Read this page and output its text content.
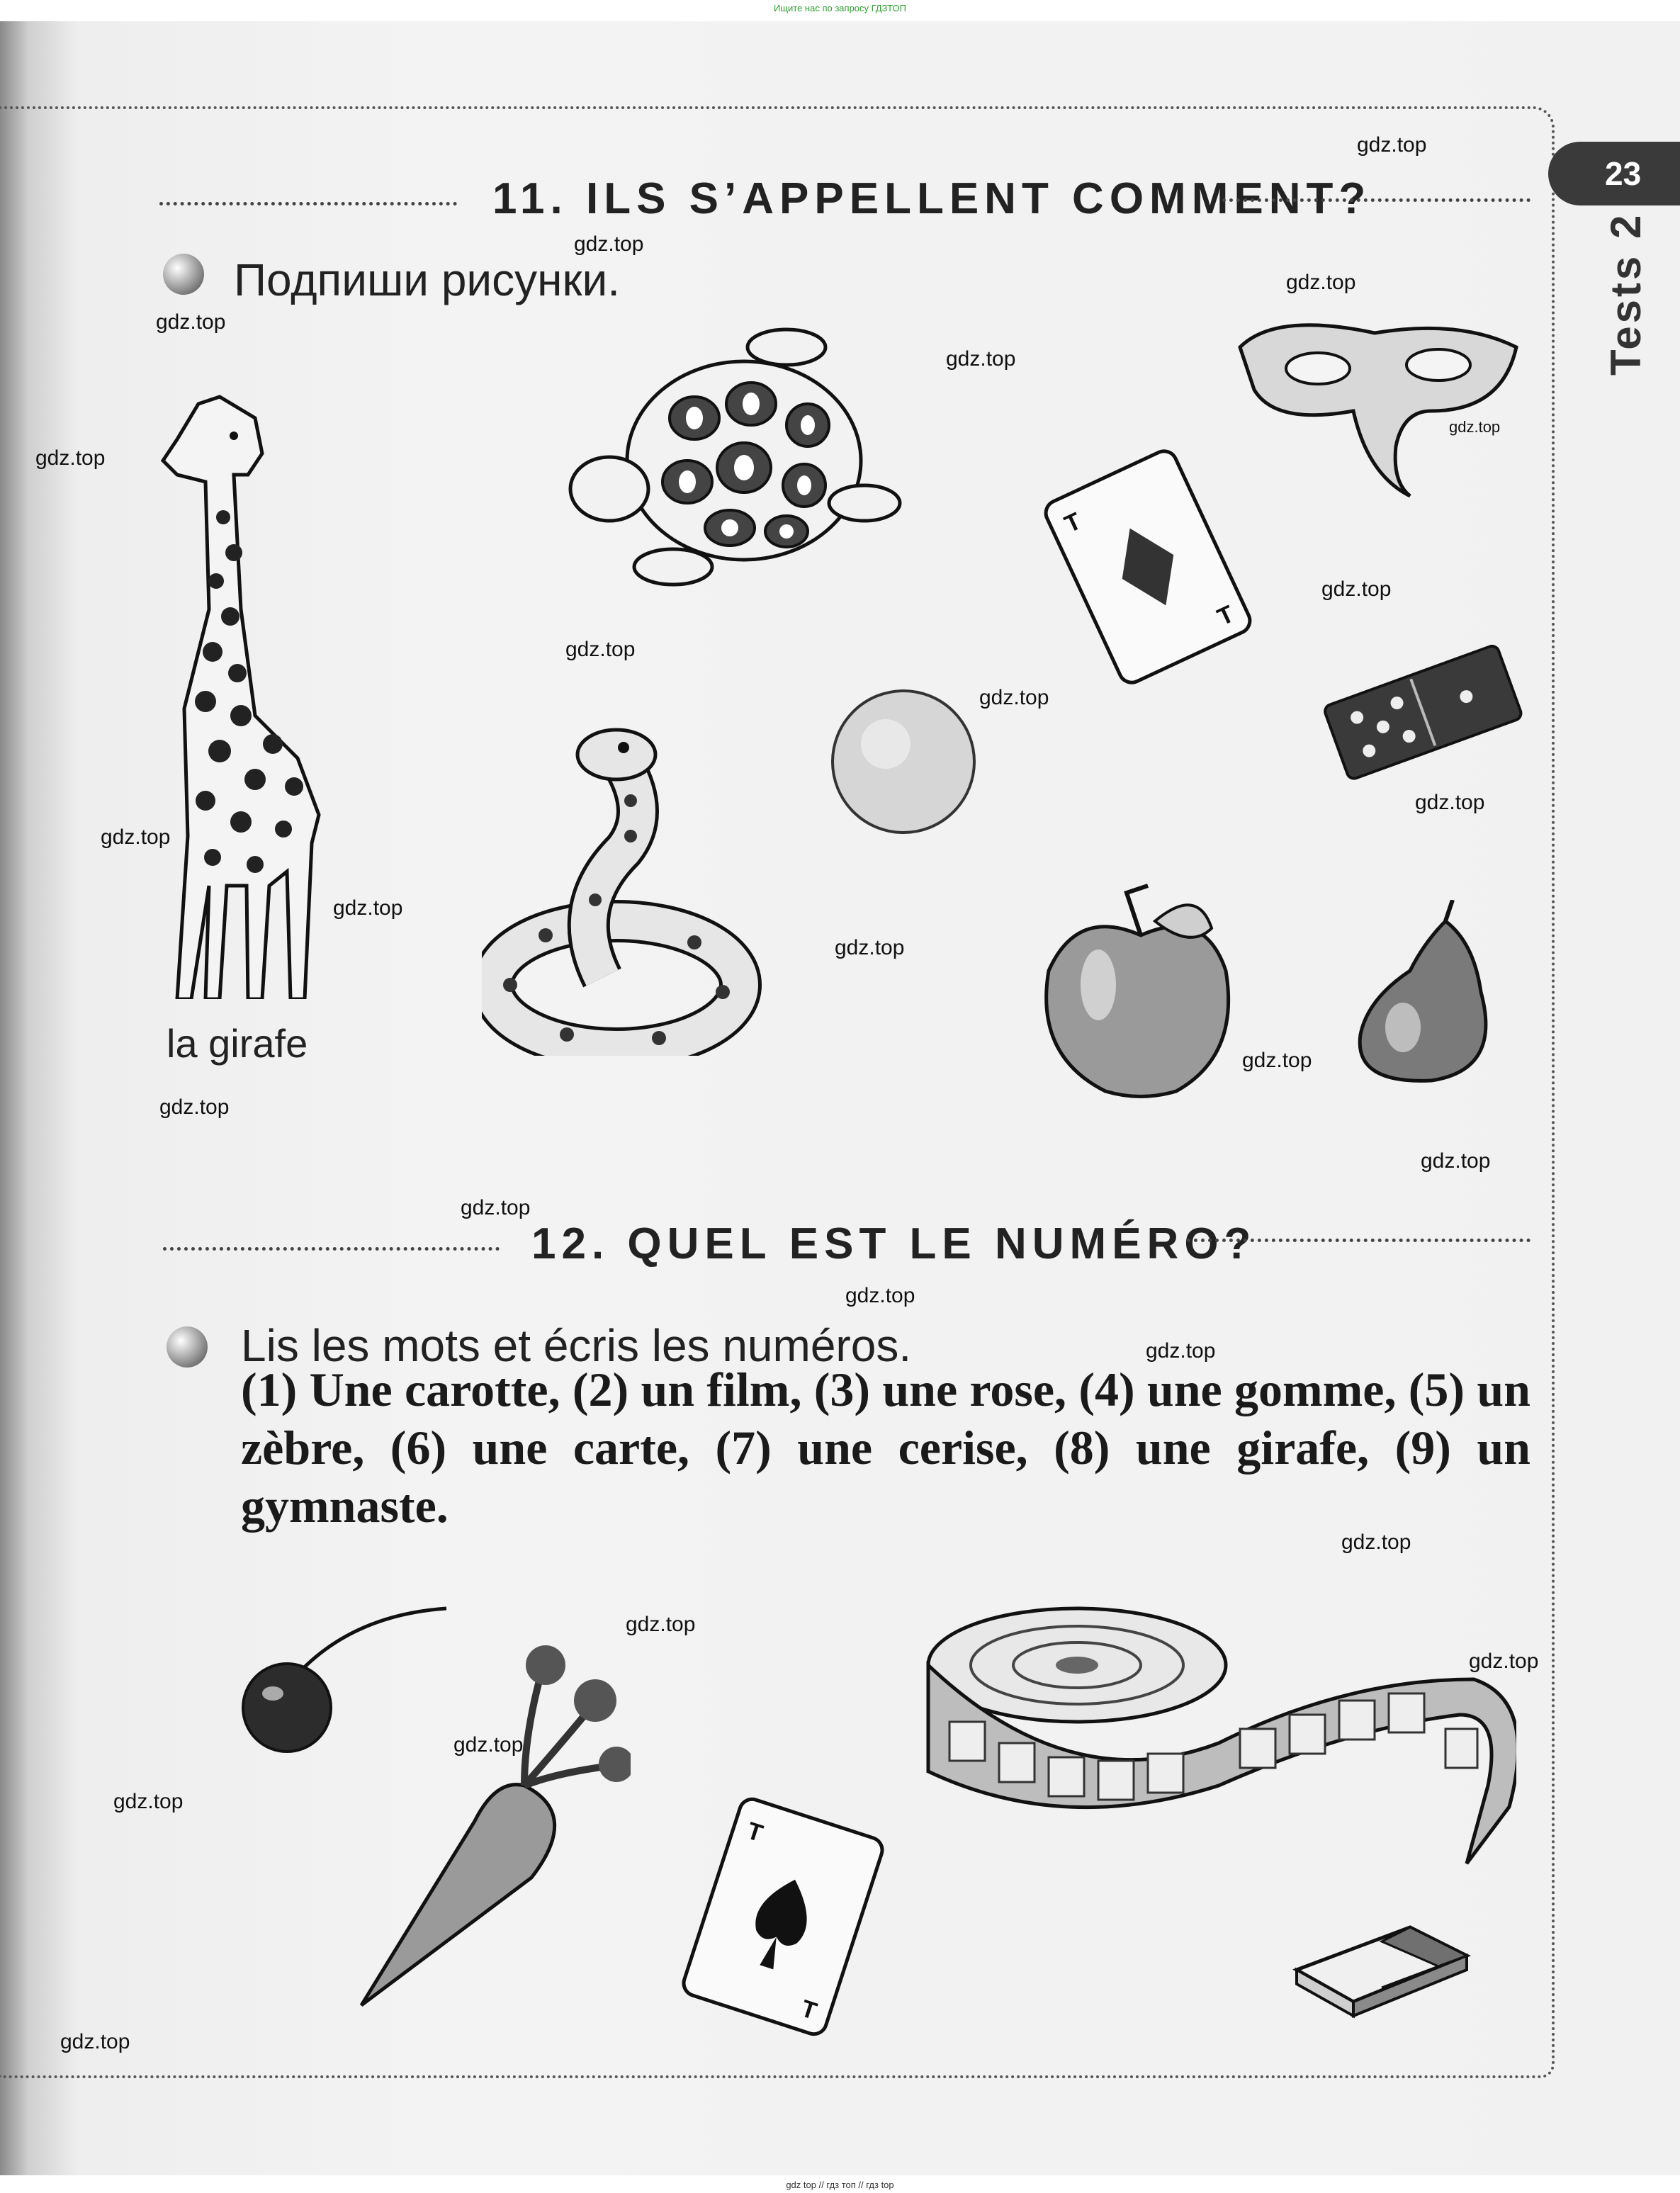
Ищите нас по запросу ГДЗТОП
23
Tests 2
11. ILS S’APPELLENT COMMENT?
Подпиши рисунки.
la girafe
T
T
12. QUEL EST LE NUMÉRO?
Lis les mots et écris les numéros.
(1) Une carotte, (2) un film, (3) une rose, (4) une gomme, (5) un zèbre, (6) une carte, (7) une cerise, (8) une girafe, (9) un gymnaste.
T
T
gdz.top
gdz.top
gdz.top
gdz.top
gdz.top
gdz.top
gdz.top
gdz.top
gdz.top
gdz.top
gdz.top
gdz.top
gdz.top
gdz.top
gdz.top
gdz.top
gdz.top
gdz.top
gdz.top
gdz.top
gdz.top
gdz.top
gdz.top
gdz.top
gdz.top
gdz.top
gdz top // гдз топ // гдз top
